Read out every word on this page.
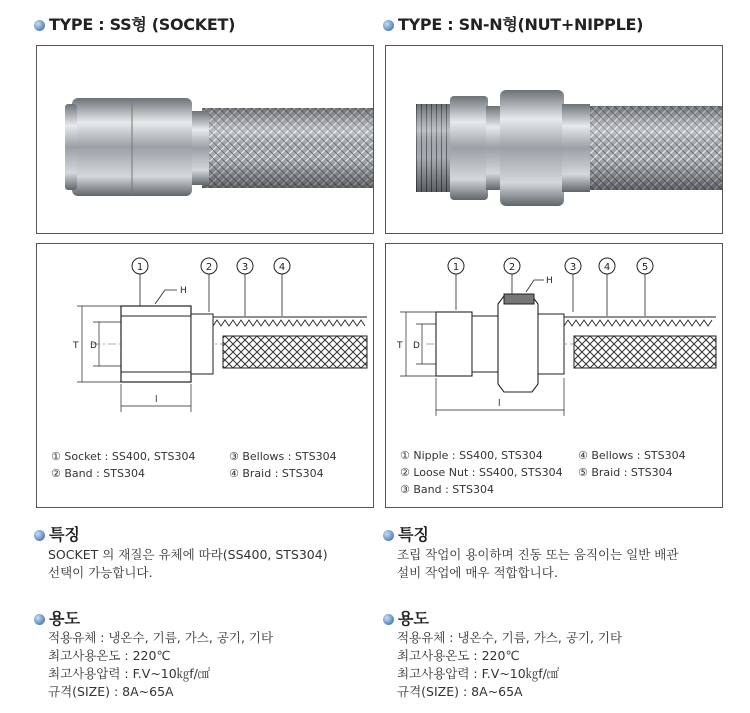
TYPE : SS형 (SOCKET)
1	2	3	4
H
T D
l
① Socket : SS400, STS304	③ Bellows : STS304
② Band : STS304	④ Braid : STS304
특징
SOCKET 의 재질은 유체에 따라(SS400, STS304)
선택이 가능합니다.
용도
적용유체 : 냉온수, 기름, 가스, 공기, 기타
최고사용온도 : 220℃
최고사용압력 : F.V~10㎏f/㎠
규격(SIZE) : 8A~65A
TYPE : SN-N형(NUT+NIPPLE)
1	2	3	4	5
H
T D
l
① Nipple : SS400, STS304	④ Bellows : STS304
② Loose Nut : SS400, STS304 ⑤ Braid : STS304
③ Band : STS304
특징
조립 작업이 용이하며 진동 또는 움직이는 일반 배관
설비 작업에 매우 적합합니다.
용도
적용유체 : 냉온수, 기름, 가스, 공기, 기타
최고사용온도 : 220℃
최고사용압력 : F.V~10㎏f/㎠
규격(SIZE) : 8A~65A
